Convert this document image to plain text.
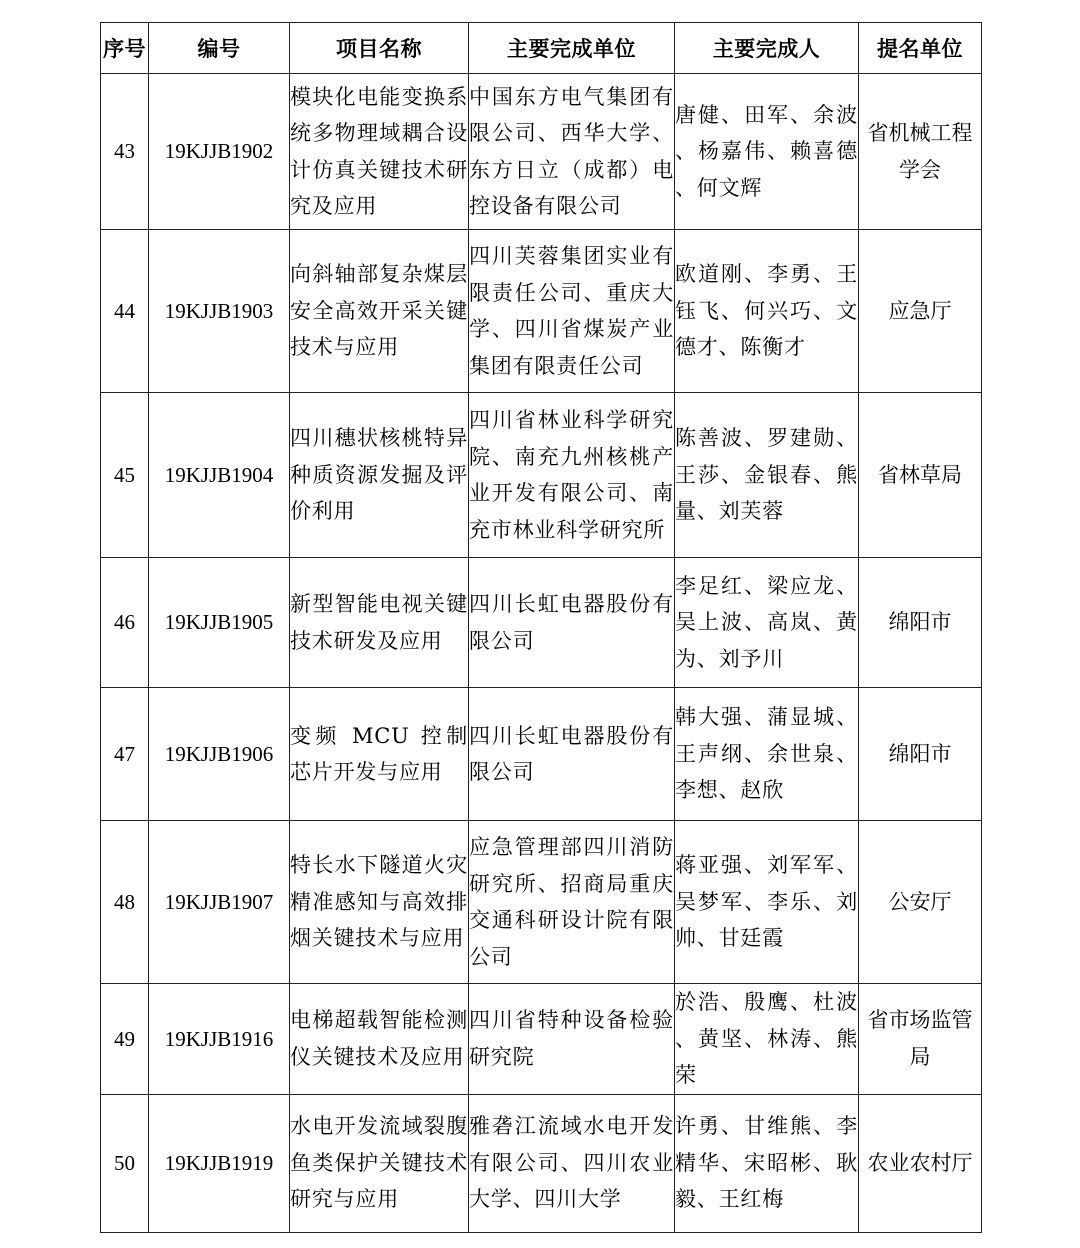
序号	编号	项目名称	主要完成单位	主要完成人	提名单位
43	19KJJB1902	模块化电能变换系统多物理域耦合设计仿真关键技术研究及应用	中国东方电气集团有限公司、西华大学、东方日立（成都）电控设备有限公司	唐健、田军、余波、杨嘉伟、赖喜德、何文辉	省机械工程学会
44	19KJJB1903	向斜轴部复杂煤层安全高效开采关键技术与应用	四川芙蓉集团实业有限责任公司、重庆大学、四川省煤炭产业集团有限责任公司	欧道刚、李勇、王钰飞、何兴巧、文德才、陈衡才	应急厅
45	19KJJB1904	四川穗状核桃特异种质资源发掘及评价利用	四川省林业科学研究院、南充九州核桃产业开发有限公司、南充市林业科学研究所	陈善波、罗建勋、王莎、金银春、熊量、刘芙蓉	省林草局
46	19KJJB1905	新型智能电视关键技术研发及应用	四川长虹电器股份有限公司	李足红、梁应龙、吴上波、高岚、黄为、刘予川	绵阳市
47	19KJJB1906	变频 MCU 控制芯片开发与应用	四川长虹电器股份有限公司	韩大强、蒲显城、王声纲、余世泉、李想、赵欣	绵阳市
48	19KJJB1907	特长水下隧道火灾精准感知与高效排烟关键技术与应用	应急管理部四川消防研究所、招商局重庆交通科研设计院有限公司	蒋亚强、刘军军、吴梦军、李乐、刘帅、甘廷霞	公安厅
49	19KJJB1916	电梯超载智能检测仪关键技术及应用	四川省特种设备检验研究院	於浩、殷鹰、杜波、黄坚、林涛、熊荣	省市场监管局
50	19KJJB1919	水电开发流域裂腹鱼类保护关键技术研究与应用	雅砻江流域水电开发有限公司、四川农业大学、四川大学	许勇、甘维熊、李精华、宋昭彬、耿毅、王红梅	农业农村厅
